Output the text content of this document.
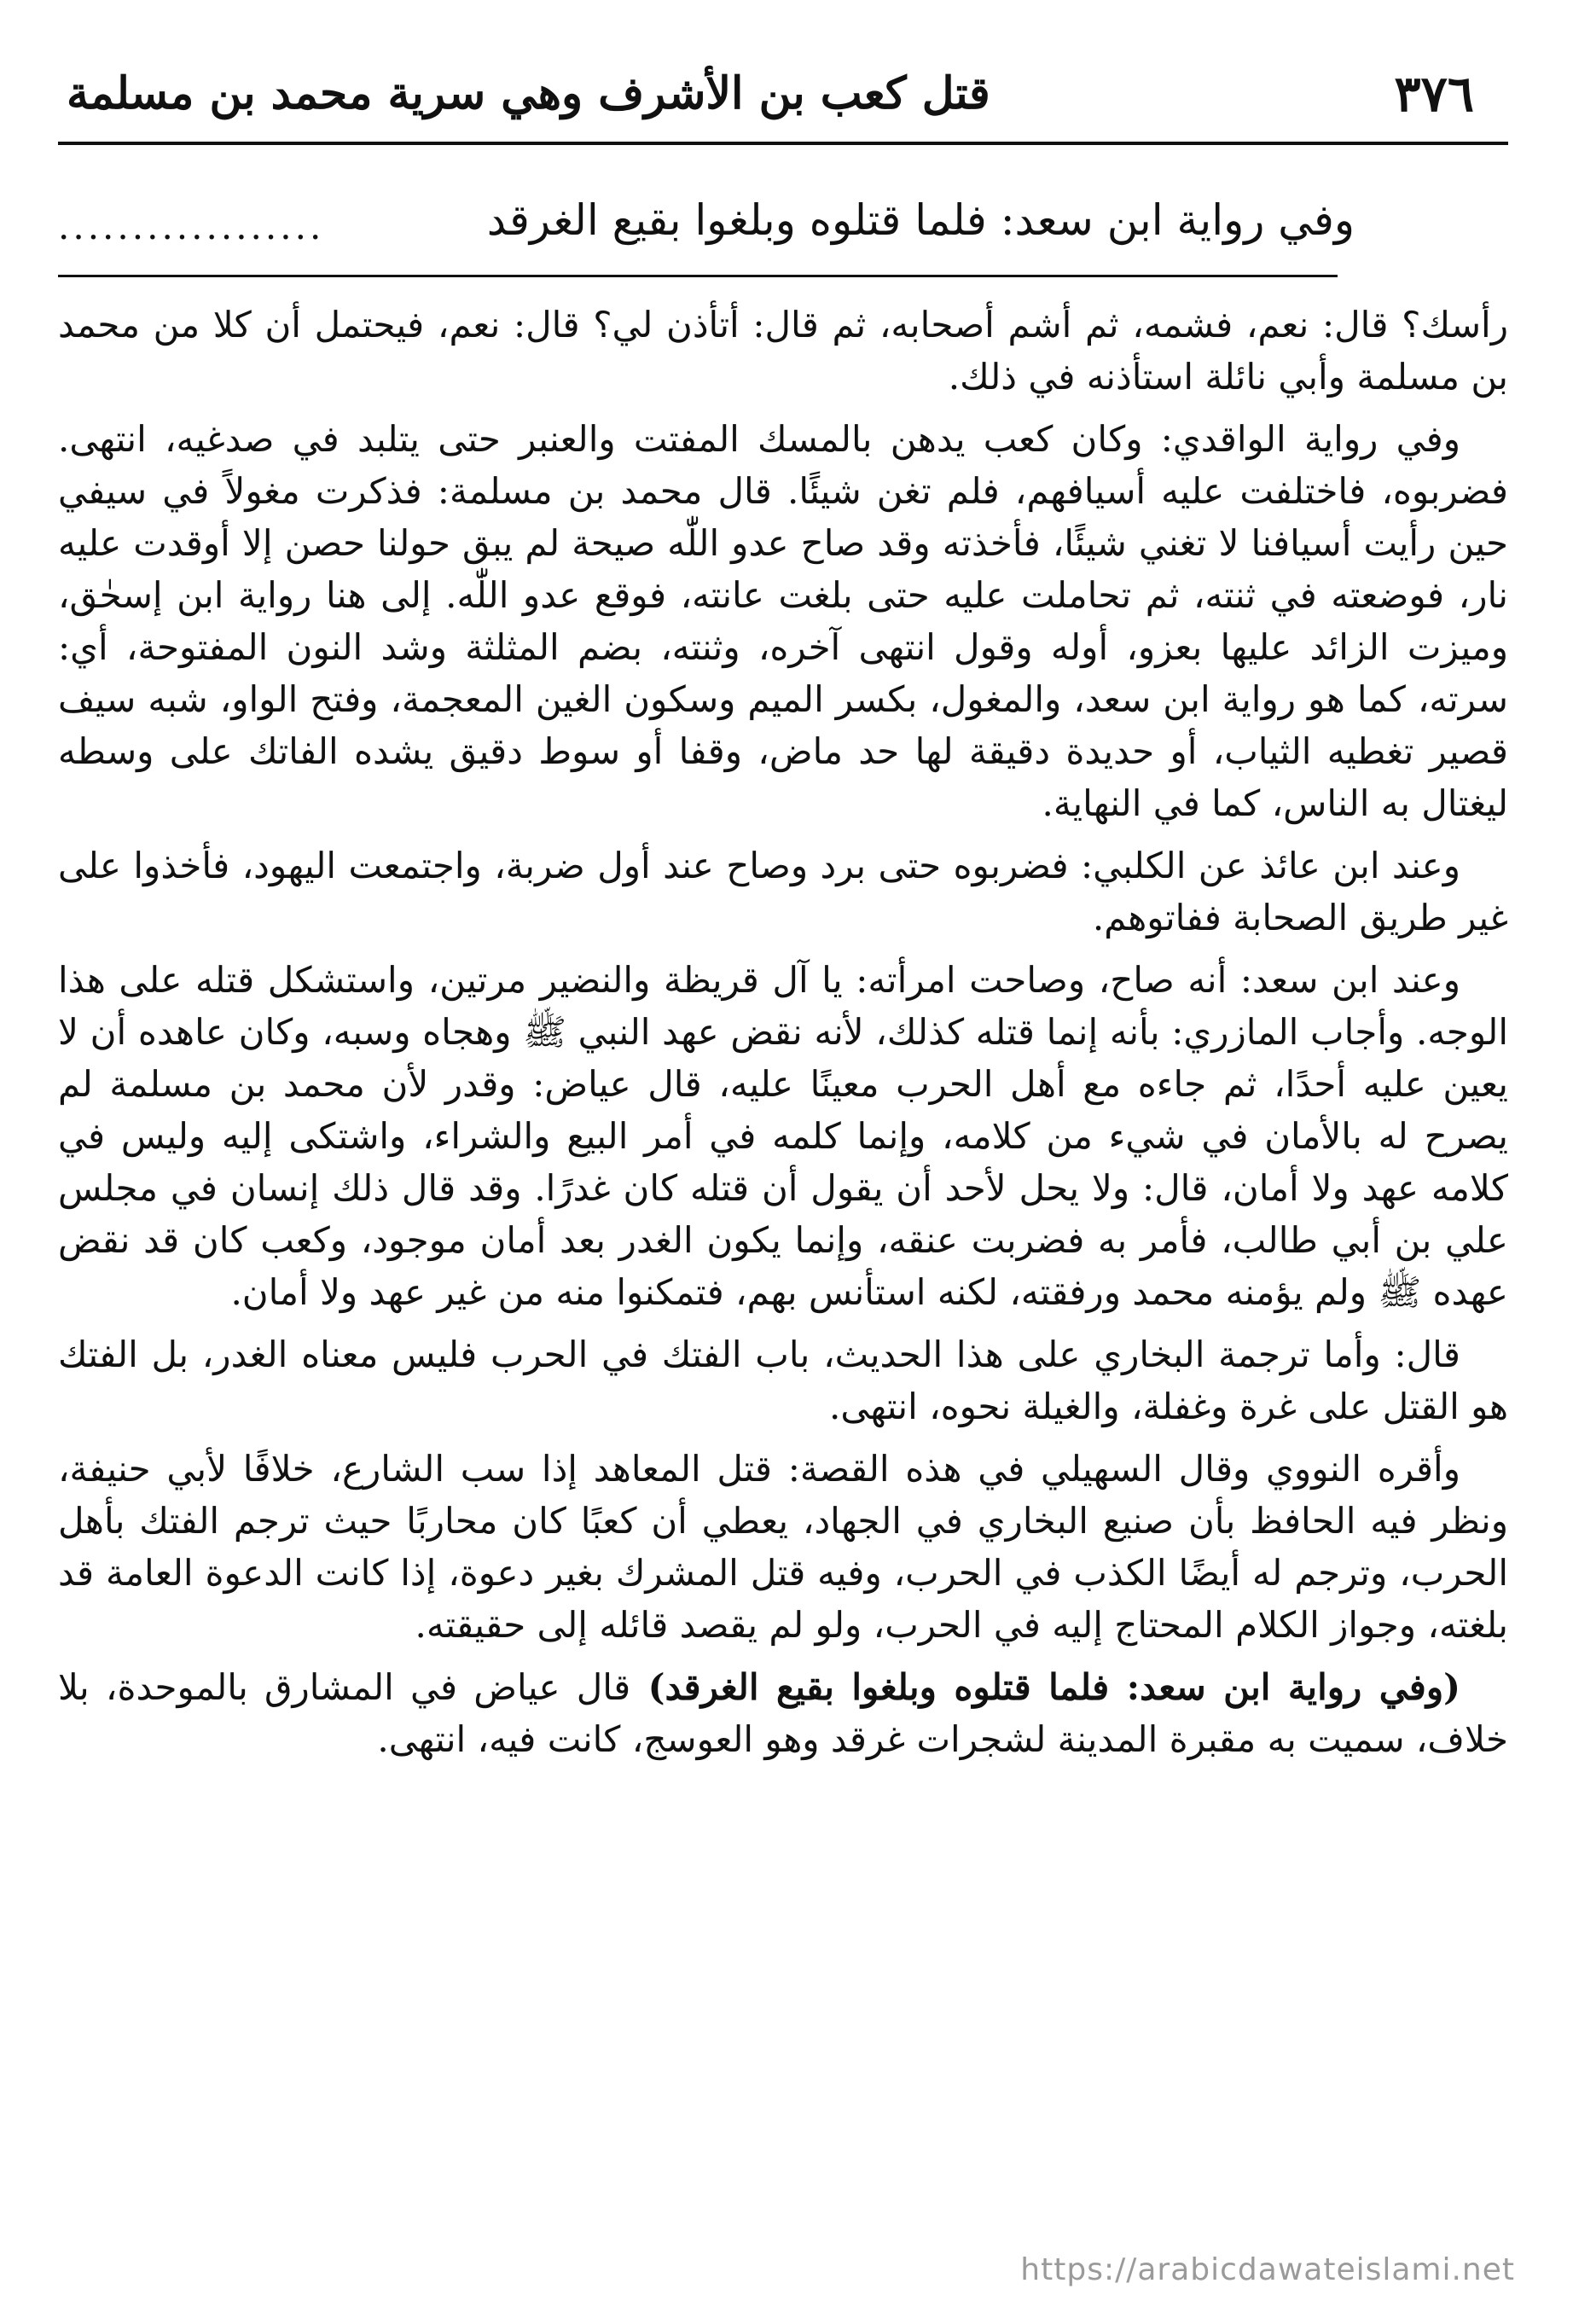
٣٧٦
قتل كعب بن الأشرف وهي سرية محمد بن مسلمة
وفي رواية ابن سعد: فلما قتلوه وبلغوا بقيع الغرقد
..................

رأسك؟ قال: نعم، فشمه، ثم أشم أصحابه، ثم قال: أتأذن لي؟ قال: نعم، فيحتمل أن كلا من محمد بن مسلمة وأبي نائلة استأذنه في ذلك.

وفي رواية الواقدي: وكان كعب يدهن بالمسك المفتت والعنبر حتى يتلبد في صدغيه، انتهى. فضربوه، فاختلفت عليه أسيافهم، فلم تغن شيئًا. قال محمد بن مسلمة: فذكرت مغولاً في سيفي حين رأيت أسيافنا لا تغني شيئًا، فأخذته وقد صاح عدو اللّٰه صيحة لم يبق حولنا حصن إلا أوقدت عليه نار، فوضعته في ثنته، ثم تحاملت عليه حتى بلغت عانته، فوقع عدو اللّٰه. إلى هنا رواية ابن إسحٰق، وميزت الزائد عليها بعزو، أوله وقول انتهى آخره، وثنته، بضم المثلثة وشد النون المفتوحة، أي: سرته، كما هو رواية ابن سعد، والمغول، بكسر الميم وسكون الغين المعجمة، وفتح الواو، شبه سيف قصير تغطيه الثياب، أو حديدة دقيقة لها حد ماض، وقفا أو سوط دقيق يشده الفاتك على وسطه ليغتال به الناس، كما في النهاية.

وعند ابن عائذ عن الكلبي: فضربوه حتى برد وصاح عند أول ضربة، واجتمعت اليهود، فأخذوا على غير طريق الصحابة ففاتوهم.

وعند ابن سعد: أنه صاح، وصاحت امرأته: يا آل قريظة والنضير مرتين، واستشكل قتله على هذا الوجه. وأجاب المازري: بأنه إنما قتله كذلك، لأنه نقض عهد النبي ﷺ وهجاه وسبه، وكان عاهده أن لا يعين عليه أحدًا، ثم جاءه مع أهل الحرب معينًا عليه، قال عياض: وقدر لأن محمد بن مسلمة لم يصرح له بالأمان في شيء من كلامه، وإنما كلمه في أمر البيع والشراء، واشتكى إليه وليس في كلامه عهد ولا أمان، قال: ولا يحل لأحد أن يقول أن قتله كان غدرًا. وقد قال ذلك إنسان في مجلس علي بن أبي طالب، فأمر به فضربت عنقه، وإنما يكون الغدر بعد أمان موجود، وكعب كان قد نقض عهده ﷺ ولم يؤمنه محمد ورفقته، لكنه استأنس بهم، فتمكنوا منه من غير عهد ولا أمان.

قال: وأما ترجمة البخاري على هذا الحديث، باب الفتك في الحرب فليس معناه الغدر، بل الفتك هو القتل على غرة وغفلة، والغيلة نحوه، انتهى.

وأقره النووي وقال السهيلي في هذه القصة: قتل المعاهد إذا سب الشارع، خلافًا لأبي حنيفة، ونظر فيه الحافظ بأن صنيع البخاري في الجهاد، يعطي أن كعبًا كان محاربًا حيث ترجم الفتك بأهل الحرب، وترجم له أيضًا الكذب في الحرب، وفيه قتل المشرك بغير دعوة، إذا كانت الدعوة العامة قد بلغته، وجواز الكلام المحتاج إليه في الحرب، ولو لم يقصد قائله إلى حقيقته.

(وفي رواية ابن سعد: فلما قتلوه وبلغوا بقيع الغرقد) قال عياض في المشارق بالموحدة، بلا خلاف، سميت به مقبرة المدينة لشجرات غرقد وهو العوسج، كانت فيه، انتهى.

https://arabicdawateislami.net
